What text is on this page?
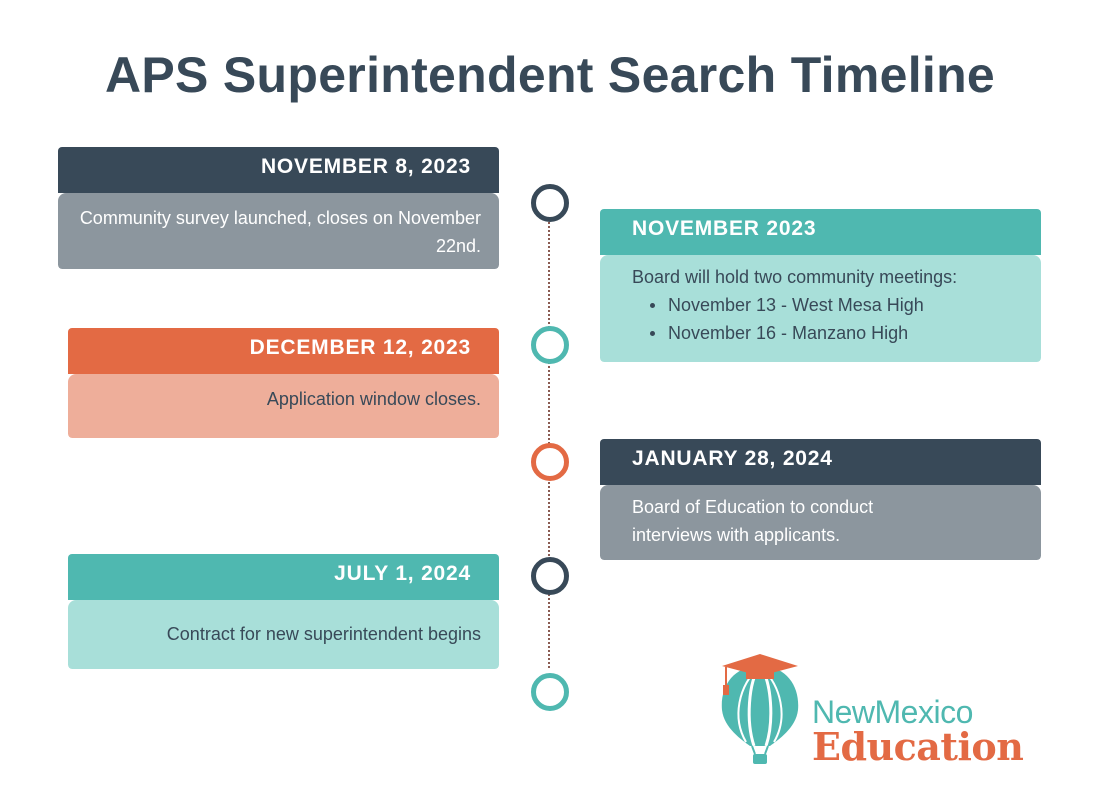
APS Superintendent Search Timeline
NOVEMBER 8, 2023
Community survey launched, closes on November 22nd.
NOVEMBER 2023
Board will hold two community meetings:
November 13 - West Mesa High
November 16 - Manzano High
DECEMBER 12, 2023
Application window closes.
JANUARY 28, 2024
Board of Education to conduct interviews with applicants.
JULY 1, 2024
Contract for new superintendent begins
NewMexico
Education
